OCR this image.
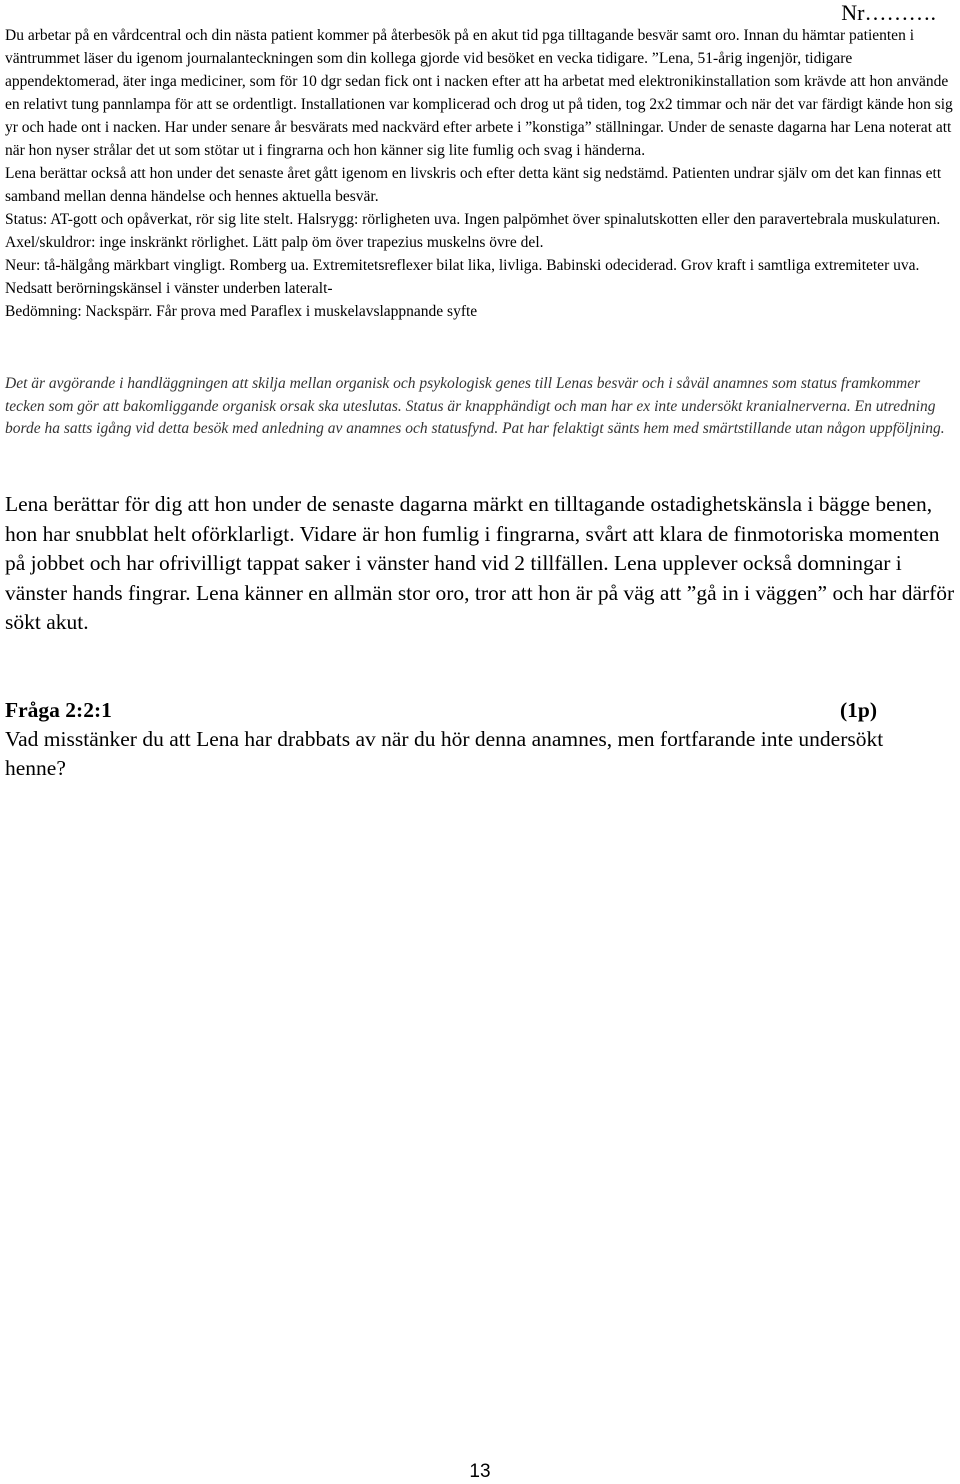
Nr……….

Du arbetar på en vårdcentral och din nästa patient kommer på återbesök på en akut tid pga tilltagande besvär samt oro. Innan du hämtar patienten i väntrummet läser du igenom journalanteckningen som din kollega gjorde vid besöket en vecka tidigare. ”Lena, 51-årig ingenjör, tidigare appendektomerad, äter inga mediciner, som för 10 dgr sedan fick ont i nacken efter att ha arbetat med elektronikinstallation som krävde att hon använde en relativt tung pannlampa för att se ordentligt. Installationen var komplicerad och drog ut på tiden, tog 2x2 timmar och när det var färdigt kände hon sig yr och hade ont i nacken. Har under senare år besvärats med nackvärd efter arbete i ”konstiga” ställningar. Under de senaste dagarna har Lena noterat att när hon nyser strålar det ut som stötar ut i fingrarna och hon känner sig lite fumlig och svag i händerna.

Lena berättar också att hon under det senaste året gått igenom en livskris och efter detta känt sig nedstämd. Patienten undrar själv om det kan finnas ett samband mellan denna händelse och hennes aktuella besvär.

Status: AT-gott och opåverkat, rör sig lite stelt. Halsrygg: rörligheten uva. Ingen palpömhet över spinalutskotten eller den paravertebrala muskulaturen.

Axel/skuldror: inge inskränkt rörlighet. Lätt palp öm över trapezius muskelns övre del.

Neur: tå-hälgång märkbart vingligt. Romberg ua. Extremitetsreflexer bilat lika, livliga. Babinski odeciderad. Grov kraft i samtliga extremiteter uva. Nedsatt berörningskänsel i vänster underben lateralt-

Bedömning: Nackspärr. Får prova med Paraflex i muskelavslappnande syfte

Det är avgörande i handläggningen att skilja mellan organisk och psykologisk genes till Lenas besvär och i såväl anamnes som status framkommer tecken som gör att bakomliggande organisk orsak ska uteslutas. Status är knapphändigt och man har ex inte undersökt kranialnerverna. En utredning borde ha satts igång vid detta besök med anledning av anamnes och statusfynd. Pat har felaktigt sänts hem med smärtstillande utan någon uppföljning.

Lena berättar för dig att hon under de senaste dagarna märkt en tilltagande ostadighetskänsla i bägge benen, hon har snubblat helt oförklarligt. Vidare är hon fumlig i fingrarna, svårt att klara de finmotoriska momenten på jobbet och har ofrivilligt tappat saker i vänster hand vid 2 tillfällen. Lena upplever också domningar i vänster hands fingrar. Lena känner en allmän stor oro, tror att hon är på väg att ”gå in i väggen” och har därför sökt akut.

Fråga 2:2:1	(1p)

Vad misstänker du att Lena har drabbats av när du hör denna anamnes, men fortfarande inte undersökt henne?

13
